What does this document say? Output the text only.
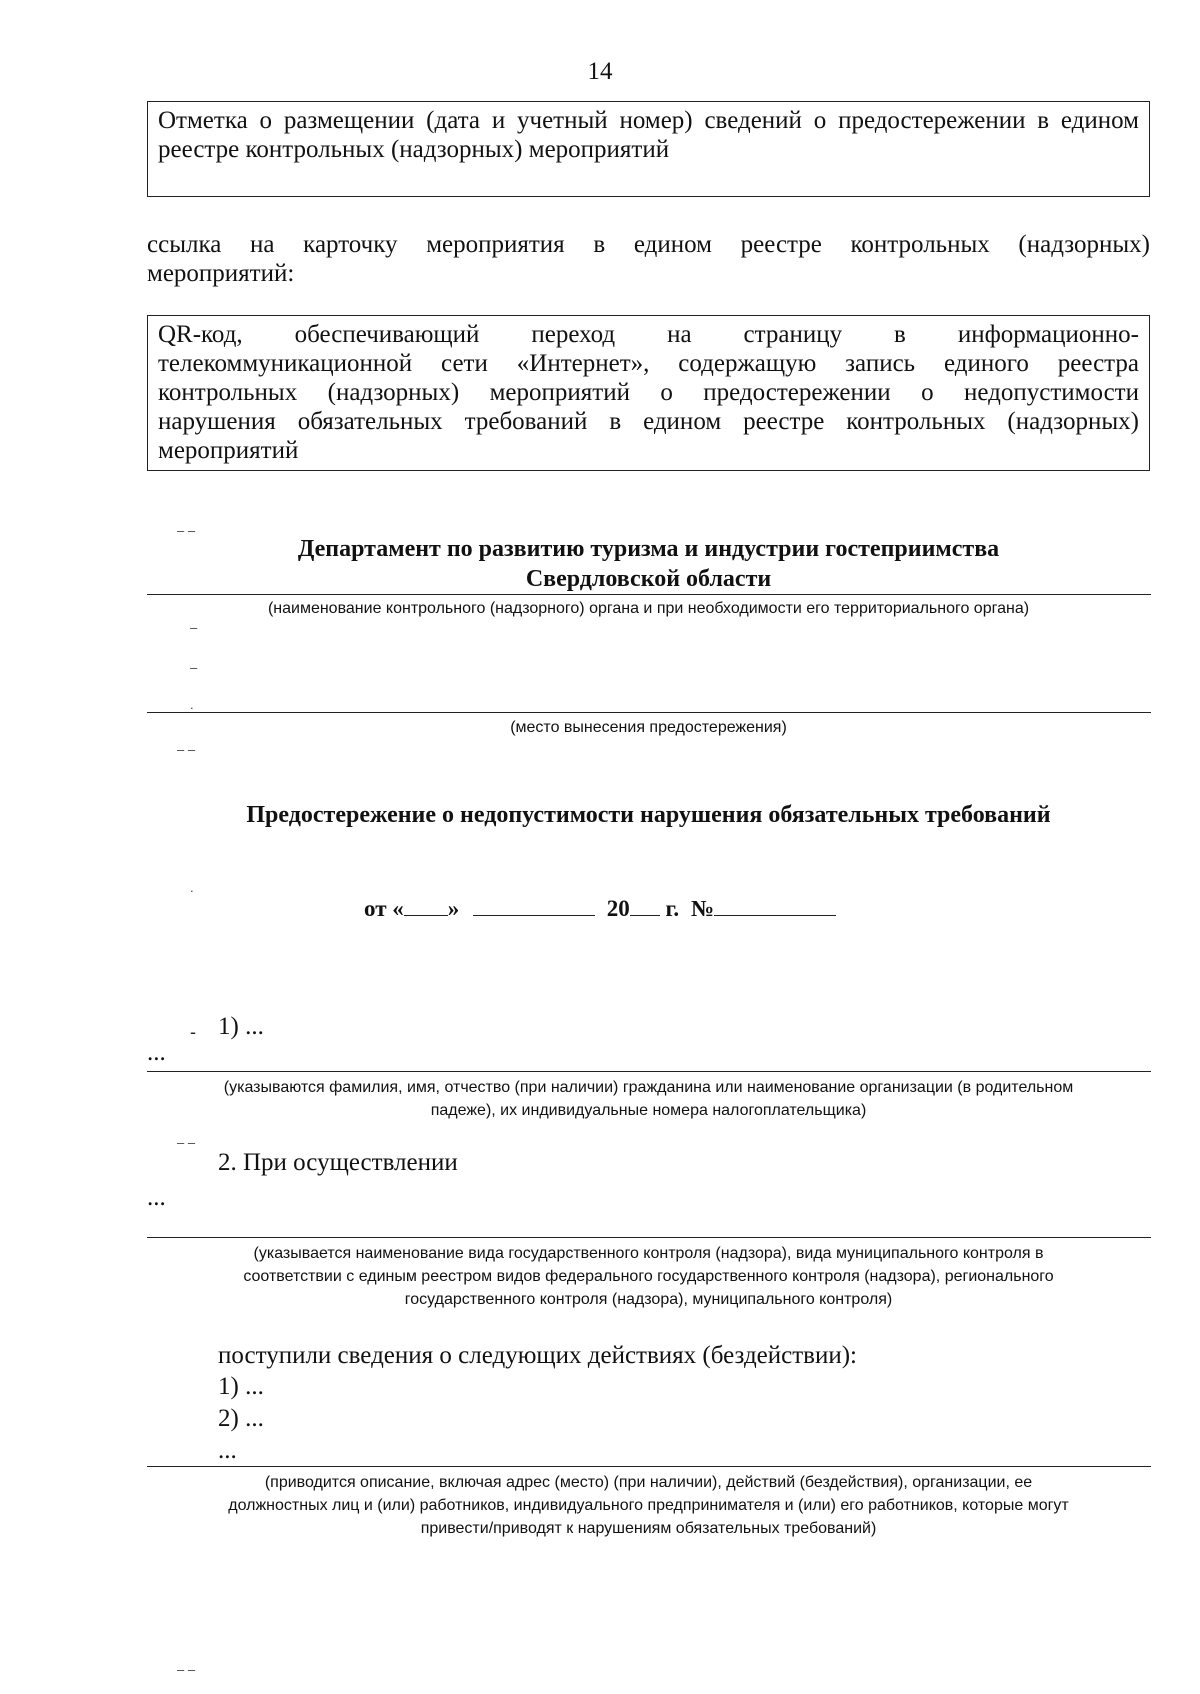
14
Отметка о размещении (дата и учетный номер) сведений о предостережении в едином
реестре контрольных (надзорных) мероприятий
ссылка на карточку мероприятия в едином реестре контрольных (надзорных)
мероприятий:
QR-код, обеспечивающий переход на страницу в информационно-
телекоммуникационной сети «Интернет», содержащую запись единого реестра
контрольных (надзорных) мероприятий о предостережении о недопустимости
нарушения обязательных требований в едином реестре контрольных (надзорных)
мероприятий
‒ ‒
‒
‒
.
‒ ‒
.
‒ ‒
‒ ‒
Департамент по развитию туризма и индустрии гостеприимства
Свердловской области
(наименование контрольного (надзорного) органа и при необходимости его территориального органа)
(место вынесения предостережения)
Предостережение о недопустимости нарушения обязательных требований
от « »	20 г. №
- 1) ...
...
(указываются фамилия, имя, отчество (при наличии) гражданина или наименование организации (в родительном
падеже), их индивидуальные номера налогоплательщика)
2. При осуществлении
...
(указывается наименование вида государственного контроля (надзора), вида муниципального контроля в
соответствии с единым реестром видов федерального государственного контроля (надзора), регионального
государственного контроля (надзора), муниципального контроля)
поступили сведения о следующих действиях (бездействии):
1) ...
2) ...
...
(приводится описание, включая адрес (место) (при наличии), действий (бездействия), организации, ее
должностных лиц и (или) работников, индивидуального предпринимателя и (или) его работников, которые могут
привести/приводят к нарушениям обязательных требований)
